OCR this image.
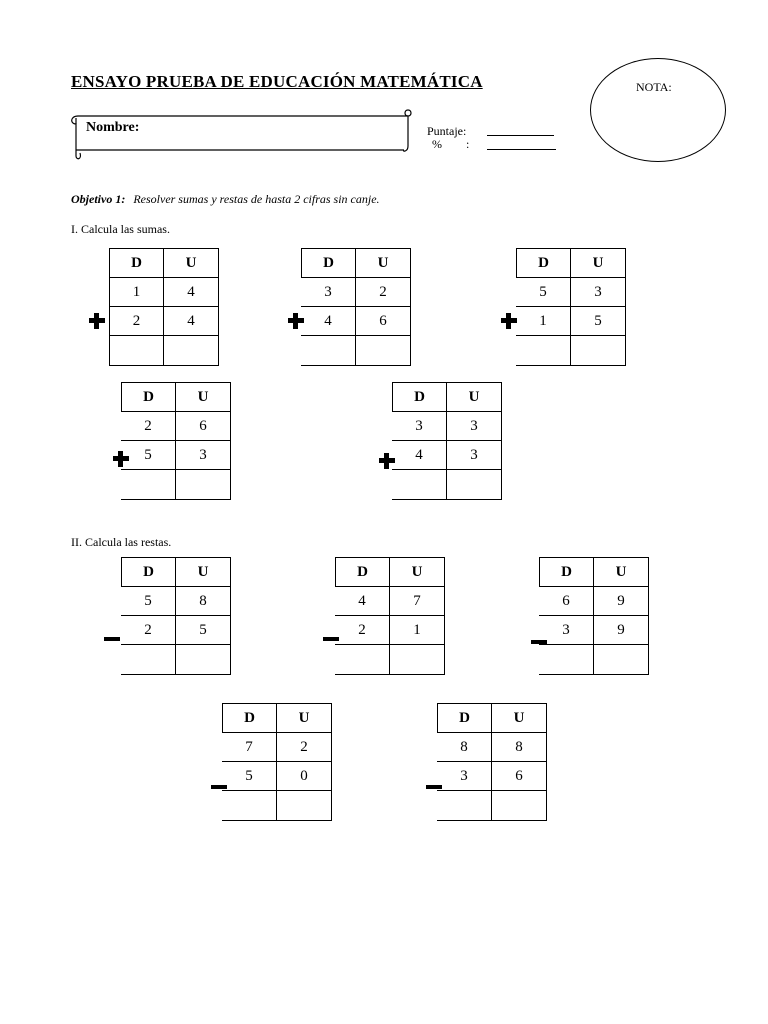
ENSAYO PRUEBA DE EDUCACIÓN MATEMÁTICA	NOTA:
Nombre:	Puntaje:
% :
Objetivo 1: Resolver sumas y restas de hasta 2 cifras sin canje.
I. Calcula las sumas.
II. Calcula las restas.
D	U
1	4
2	4
D	U
3	2
4	6
D	U
5	3
1	5
D	U
2	6
5	3
D	U
3	3
4	3
D	U
5	8
2	5
D	U
4	7
2	1
D	U
6	9
3	9
D	U
7	2
5	0
D	U
8	8
3	6
